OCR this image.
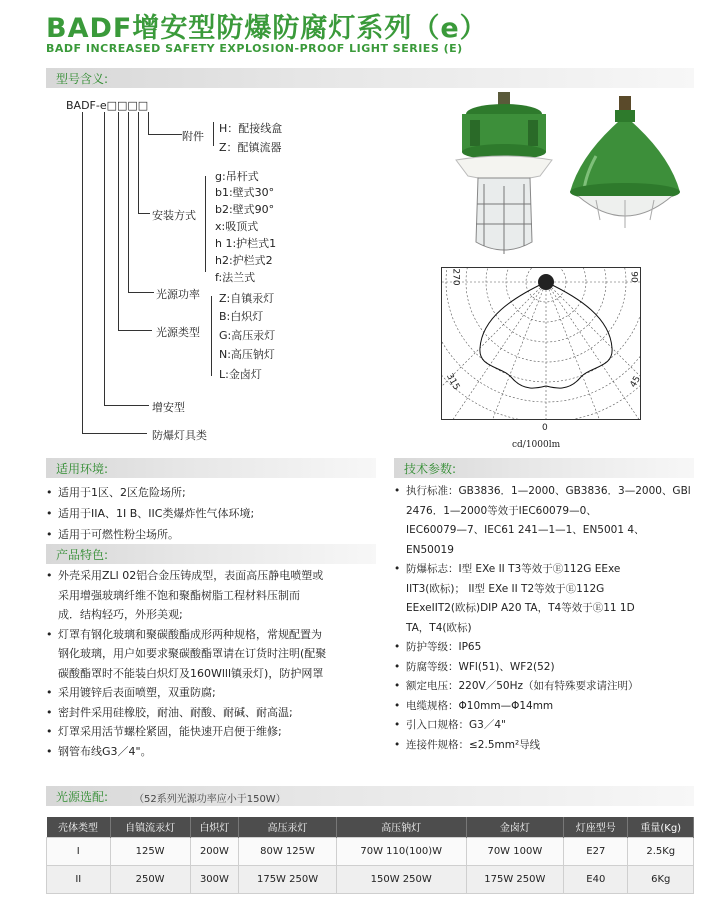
BADF增安型防爆防腐灯系列（e）
BADF INCREASED SAFETY EXPLOSION-PROOF LIGHT SERIES (E)
型号含义:
BADF-e□□□□
附件
H：配接线盒
Z：配镇流器
安装方式
g:吊杆式
b1:壁式30°
b2:壁式90°
x:吸顶式
h 1:护栏式1
h2:护栏式2
f:法兰式
光源功率
光源类型
Z:自镇汞灯
B:白炽灯
G:高压汞灯
N:高压钠灯
L:金卤灯
增安型
防爆灯具类
270	90
315	45
0
cd/1000lm
适用环境:
• 适用于1区、2区危险场所;
• 适用于IIA、1I B、IIC类爆炸性气体环境;
• 适用于可燃性粉尘场所。
产品特色:
• 外壳采用ZLl 02铝合金压铸成型，表面高压静电喷塑或
采用增强玻璃纤维不饱和聚酯树脂工程材料压制而
成．结构轻巧，外形美观;
• 灯罩有钢化玻璃和聚碳酸酯成形两种规格，常规配置为
钢化玻璃，用户如要求聚碳酸酯罩请在订货时注明(配聚
碳酸酯罩时不能装白炽灯及160Wlll镇汞灯)，防护网罩
• 采用镀锌后表面喷塑，双重防腐;
• 密封件采用硅橡胶，耐油、耐酸、耐碱、耐高温;
• 灯罩采用活节螺栓紧固，能快速开启便于维修;
• 钢管布线G3／4"。
技术参数:
• 执行标准：GB3836．1—2000、GB3836．3—2000、GBl 2476．1—2000等效于IEC60079—0、
IEC60079—7、IEC61 241—1—1、EN5001 4、
EN50019
• 防爆标志：I型 EXe II T3等效于Ⓔ112G EExe
IIT3(欧标)； II型 EXe II T2等效于Ⓔ112G
EExeIIT2(欧标)DIP A20 TA，T4等效于Ⓔ11 1D
TA，T4(欧标)
• 防护等级：IP65
• 防腐等级：WFl(51)、WF2(52)
• 额定电压：220V／50Hz（如有特殊要求请注明）
• 电缆规格：Φ10mm—Φ14mm
• 引入口规格：G3／4"
• 连接件规格：≤2.5mm²导线
光源选配:	（52系列光源功率应小于150W）
壳体类型	自镇流汞灯	白炽灯	高压汞灯	高压钠灯	金卤灯	灯座型号	重量(Kg)
I	125W	200W	80W 125W	70W 110(100)W	70W 100W	E27	2.5Kg
II	250W	300W	175W 250W	150W 250W	175W 250W	E40	6Kg
